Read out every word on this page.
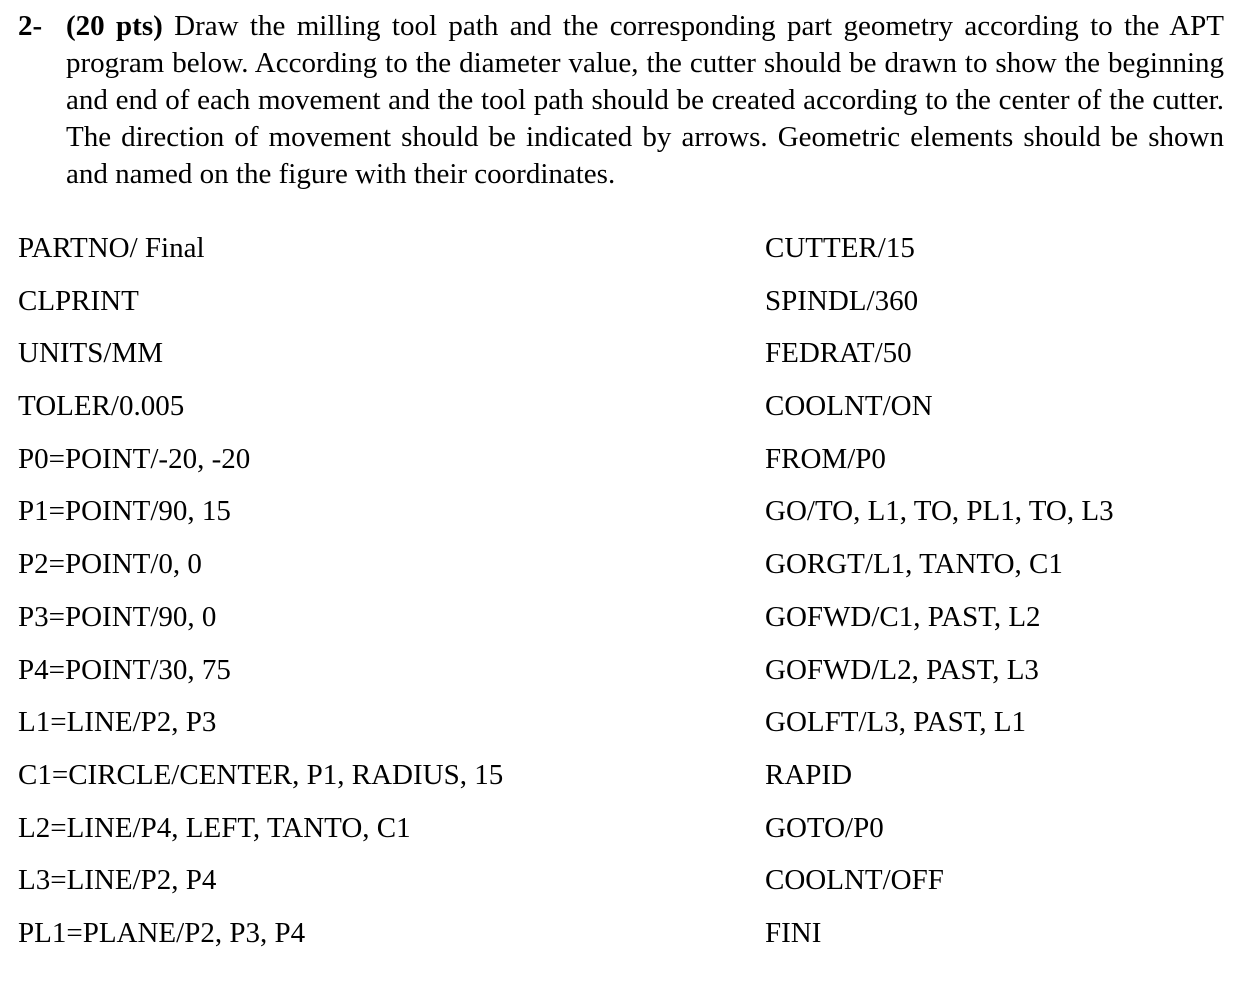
2- (20 pts) Draw the milling tool path and the corresponding part geometry according to the APT program below. According to the diameter value, the cutter should be drawn to show the beginning and end of each movement and the tool path should be created according to the center of the cutter. The direction of movement should be indicated by arrows. Geometric elements should be shown and named on the figure with their coordinates.
PARTNO/ Final
CLPRINT
UNITS/MM
TOLER/0.005
P0=POINT/-20, -20
P1=POINT/90, 15
P2=POINT/0, 0
P3=POINT/90, 0
P4=POINT/30, 75
L1=LINE/P2, P3
C1=CIRCLE/CENTER, P1, RADIUS, 15
L2=LINE/P4, LEFT, TANTO, C1
L3=LINE/P2, P4
PL1=PLANE/P2, P3, P4
CUTTER/15
SPINDL/360
FEDRAT/50
COOLNT/ON
FROM/P0
GO/TO, L1, TO, PL1, TO, L3
GORGT/L1, TANTO, C1
GOFWD/C1, PAST, L2
GOFWD/L2, PAST, L3
GOLFT/L3, PAST, L1
RAPID
GOTO/P0
COOLNT/OFF
FINI
